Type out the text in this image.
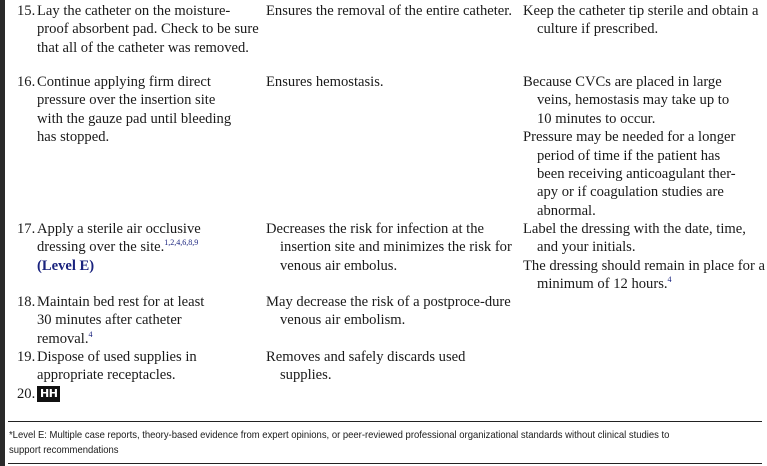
15. Lay the catheter on the moisture-proof absorbent pad. Check to be sure that all of the catheter was removed.

Ensures the removal of the entire catheter. Keep the catheter tip sterile and obtain a culture if prescribed.

16. Continue applying firm direct
pressure over the insertion site
with the gauze pad until bleeding
has stopped.

Ensures hemostasis.	Because CVCs are placed in large veins, hemostasis may take up to 10 minutes to occur.

Pressure may be needed for a longer period of time if the patient has been receiving anticoagulant ther-apy or if coagulation studies are abnormal.

17. Apply a sterile air occlusive
dressing over the site.$^{1,2,4,6,8,9}$
(Level E)

Decreases the risk for infection at the insertion site and minimizes the risk for venous air embolus.

Label the dressing with the date, time, and your initials.

The dressing should remain in place for a minimum of 12 hours.$^4$

18. Maintain bed rest for at least
30 minutes after catheter
removal.$^4$

May decrease the risk of a postproce-dure venous air embolism.

19. Dispose of used supplies in
appropriate receptacles.

Removes and safely discards used supplies.

20. HH
*Level E: Multiple case reports, theory-based evidence from expert opinions, or peer-reviewed professional organizational standards without clinical studies to
support recommendations
